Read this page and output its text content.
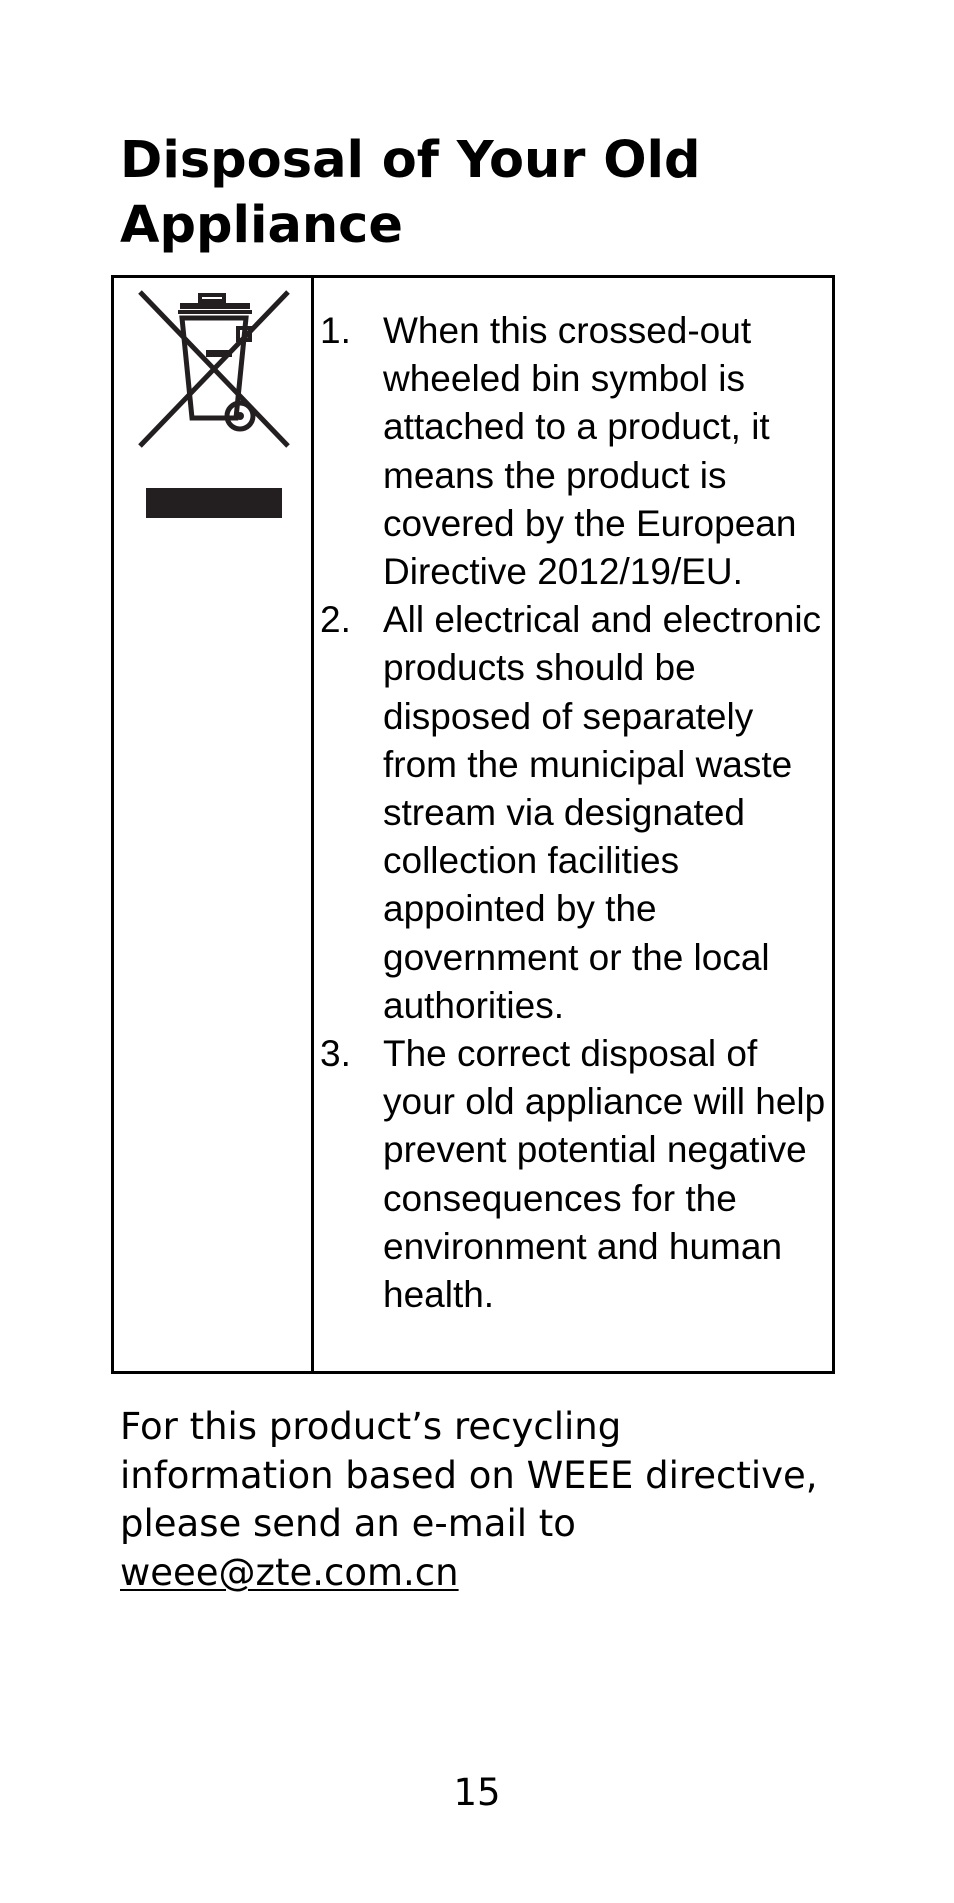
Disposal of Your Old Appliance
1. When this crossed-out wheeled bin symbol is attached to a product, it means the product is covered by the European Directive 2012/19/EU.
2. All electrical and electronic products should be disposed of separately from the municipal waste stream via designated collection facilities appointed by the government or the local authorities.
3. The correct disposal of your old appliance will help prevent potential negative consequences for the environment and human health.

For this product’s recycling information based on WEEE directive, please send an e-mail to weee@zte.com.cn

15
